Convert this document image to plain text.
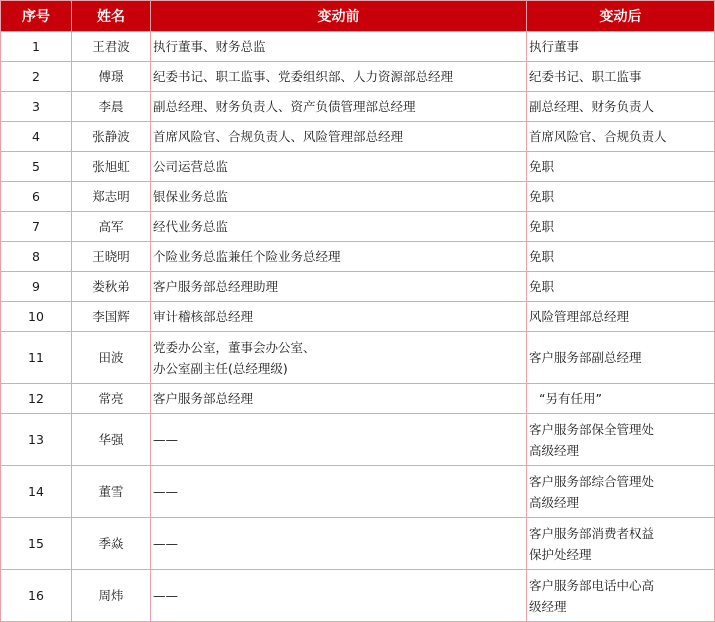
序号	姓名	变动前	变动后
1	王君波	执行董事、财务总监	执行董事

2	傅璟	纪委书记、职工监事、党委组织部、人力资源部总经理	纪委书记、职工监事

3	李晨	副总经理、财务负责人、资产负债管理部总经理	副总经理、财务负责人

4	张静波	首席风险官、合规负责人、风险管理部总经理	首席风险官、合规负责人

5	张旭虹	公司运营总监	免职

6	郑志明	银保业务总监	免职

7	高军	经代业务总监	免职

8	王晓明	个险业务总监兼任个险业务总经理	免职

9	娄秋弟	客户服务部总经理助理	免职

10	李国辉	审计稽核部总经理	风险管理部总经理

11	田波	党委办公室，董事会办公室、
办公室副主任(总经理级)	客户服务部副总经理

12	常亮	客户服务部总经理	“另有任用”

13	华强	——	客户服务部保全管理处
高级经理

14	董雪	——	客户服务部综合管理处
高级经理

15	季焱	——	客户服务部消费者权益
保护处经理

16	周炜	——	客户服务部电话中心高
级经理
